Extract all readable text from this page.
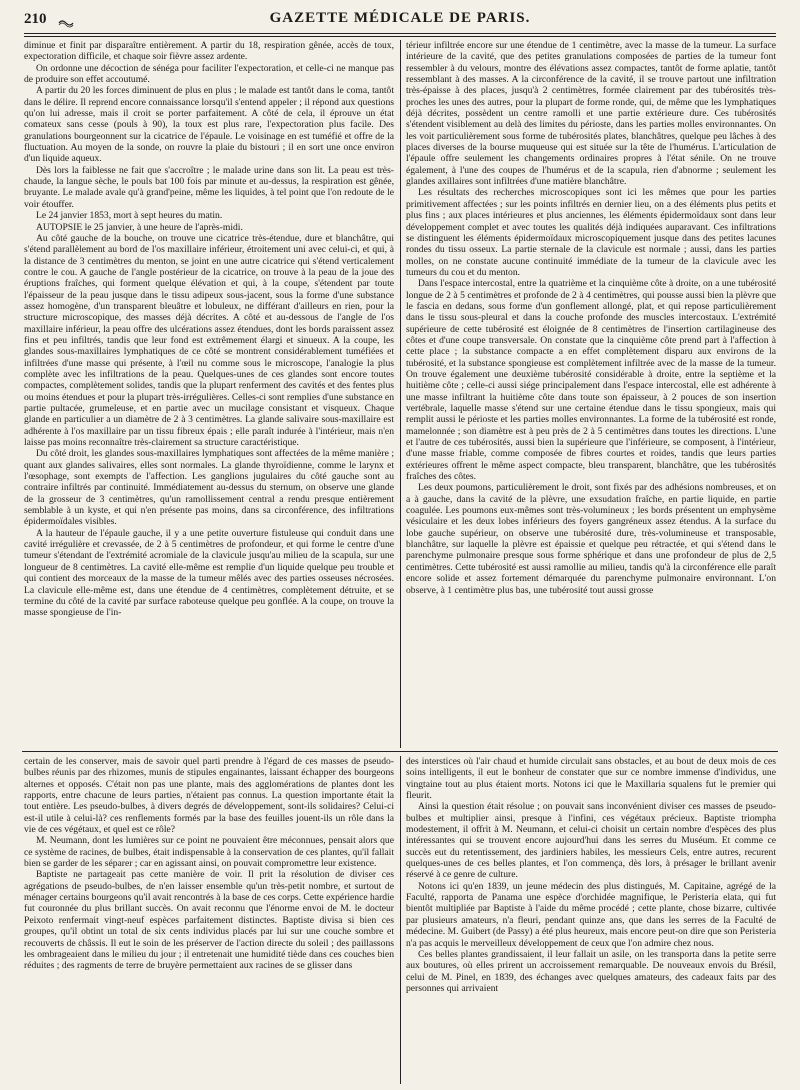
210	GAZETTE MÉDICALE DE PARIS.

diminue et finit par disparaître entièrement. A partir du 18, respiration gênée, accès de toux, expectoration difficile, et chaque soir fièvre assez ardente.

On ordonne une décoction de sénéga pour faciliter l'expectoration, et celle-ci ne manque pas de produire son effet accoutumé.

A partir du 20 les forces diminuent de plus en plus ; le malade est tantôt dans le coma, tantôt dans le délire. Il reprend encore connaissance lorsqu'il s'entend appeler ; il répond aux questions qu'on lui adresse, mais il croit se porter parfaitement. A côté de cela, il éprouve un état comateux sans cesse (pouls à 90), la toux est plus rare, l'expectoration plus facile. Des granulations bourgeonnent sur la cicatrice de l'épaule. Le voisinage en est tuméfié et offre de la fluctuation. Au moyen de la sonde, on rouvre la plaie du bistouri ; il en sort une once environ d'un liquide aqueux.

Dès lors la faiblesse ne fait que s'accroître ; le malade urine dans son lit. La peau est très-chaude, la langue sèche, le pouls bat 100 fois par minute et au-dessus, la respiration est gênée, bruyante. Le malade avale qu'à grand'peine, même les liquides, à tel point que l'on redoute de le voir étouffer.

Le 24 janvier 1853, mort à sept heures du matin.

AUTOPSIE le 25 janvier, à une heure de l'après-midi.

Au côté gauche de la bouche, on trouve une cicatrice très-étendue, dure et blanchâtre, qui s'étend parallèlement au bord de l'os maxillaire inférieur, étroitement uni avec celui-ci, et qui, à la distance de 3 centimètres du menton, se joint en une autre cicatrice qui s'étend verticalement contre le cou. A gauche de l'angle postérieur de la cicatrice, on trouve à la peau de la joue des éruptions fraîches, qui forment quelque élévation et qui, à la coupe, s'étendent par toute l'épaisseur de la peau jusque dans le tissu adipeux sous-jacent, sous la forme d'une substance assez homogène, d'un transparent bleuâtre et lobuleux, ne différant d'ailleurs en rien, pour la structure microscopique, des masses déjà décrites. A côté et au-dessous de l'angle de l'os maxillaire inférieur, la peau offre des ulcérations assez étendues, dont les bords paraissent assez fins et peu infiltrés, tandis que leur fond est extrêmement élargi et sinueux. A la coupe, les glandes sous-maxillaires lymphatiques de ce côté se montrent considérablement tuméfiées et infiltrées d'une masse qui présente, à l'œil nu comme sous le microscope, l'analogie la plus complète avec les infiltrations de la peau. Quelques-unes de ces glandes sont encore toutes compactes, complètement solides, tandis que la plupart renferment des cavités et des fentes plus ou moins étendues et pour la plupart très-irrégulières. Celles-ci sont remplies d'une substance en partie pultacée, grumeleuse, et en partie avec un mucilage consistant et visqueux. Chaque glande en particulier a un diamètre de 2 à 3 centimètres. La glande salivaire sous-maxillaire est adhérente à l'os maxillaire par un tissu fibreux épais ; elle paraît indurée à l'intérieur, mais n'en laisse pas moins reconnaître très-clairement sa structure caractéristique.

Du côté droit, les glandes sous-maxillaires lymphatiques sont affectées de la même manière ; quant aux glandes salivaires, elles sont normales. La glande thyroïdienne, comme le larynx et l'œsophage, sont exempts de l'affection. Les ganglions jugulaires du côté gauche sont au contraire infiltrés par continuité. Immédiatement au-dessus du sternum, on observe une glande de la grosseur de 3 centimètres, qu'un ramollissement central a rendu presque entièrement semblable à un kyste, et qui n'en présente pas moins, dans sa circonférence, des infiltrations épidermoïdales visibles.

A la hauteur de l'épaule gauche, il y a une petite ouverture fistuleuse qui conduit dans une cavité irrégulière et crevassée, de 2 à 5 centimètres de profondeur, et qui forme le centre d'une tumeur s'étendant de l'extrémité acromiale de la clavicule jusqu'au milieu de la scapula, sur une longueur de 8 centimètres. La cavité elle-même est remplie d'un liquide quelque peu trouble et qui contient des morceaux de la masse de la tumeur mêlés avec des parties osseuses nécrosées. La clavicule elle-même est, dans une étendue de 4 centimètres, complètement détruite, et se termine du côté de la cavité par surface raboteuse quelque peu gonflée. A la coupe, on trouve la masse spongieuse de l'in-

térieur infiltrée encore sur une étendue de 1 centimètre, avec la masse de la tumeur. La surface intérieure de la cavité, que des petites granulations composées de parties de la tumeur font ressembler à du velours, montre des élévations assez compactes, tantôt de forme aplatie, tantôt ressemblant à des masses. A la circonférence de la cavité, il se trouve partout une infiltration très-épaisse à des places, jusqu'à 2 centimètres, formée clairement par des tubérosités très-proches les unes des autres, pour la plupart de forme ronde, qui, de même que les lymphatiques déjà décrites, possèdent un centre ramolli et une partie extérieure dure. Ces tubérosités s'étendent visiblement au delà des limites du périoste, dans les parties molles environnantes. On les voit particulièrement sous forme de tubérosités plates, blanchâtres, quelque peu lâches à des places diverses de la bourse muqueuse qui est située sur la tête de l'humérus. L'articulation de l'épaule offre seulement les changements ordinaires propres à l'état sénile. On ne trouve également, à l'une des coupes de l'humérus et de la scapula, rien d'abnorme ; seulement les glandes axillaires sont infiltrées d'une matière blanchâtre.

Les résultats des recherches microscopiques sont ici les mêmes que pour les parties primitivement affectées ; sur les points infiltrés en dernier lieu, on a des éléments plus petits et plus fins ; aux places intérieures et plus anciennes, les éléments épidermoïdaux sont dans leur développement complet et avec toutes les qualités déjà indiquées auparavant. Ces infiltrations se distinguent les éléments épidermoïdaux microscopiquement jusque dans des petites lacunes rondes du tissu osseux. La partie sternale de la clavicule est normale ; aussi, dans les parties molles, on ne constate aucune continuité immédiate de la tumeur de la clavicule avec les tumeurs du cou et du menton.

Dans l'espace intercostal, entre la quatrième et la cinquième côte à droite, on a une tubérosité longue de 2 à 5 centimètres et profonde de 2 à 4 centimètres, qui pousse aussi bien la plèvre que le fascia en dedans, sous forme d'un gonflement allongé, plat, et qui repose particulièrement dans le tissu sous-pleural et dans la couche profonde des muscles intercostaux. L'extrémité supérieure de cette tubérosité est éloignée de 8 centimètres de l'insertion cartilagineuse des côtes et d'une coupe transversale. On constate que la cinquième côte prend part à l'affection à cette place ; la substance compacte a en effet complètement disparu aux environs de la tubérosité, et la substance spongieuse est complètement infiltrée avec de la masse de la tumeur. On trouve également une deuxième tubérosité considérable à droite, entre la septième et la huitième côte ; celle-ci aussi siége principalement dans l'espace intercostal, elle est adhérente à une masse infiltrant la huitième côte dans toute son épaisseur, à 2 pouces de son insertion vertébrale, laquelle masse s'étend sur une certaine étendue dans le tissu spongieux, mais qui remplit aussi le périoste et les parties molles environnantes. La forme de la tubérosité est ronde, mamelonnée ; son diamètre est à peu près de 2 à 5 centimètres dans toutes les directions. L'une et l'autre de ces tubérosités, aussi bien la supérieure que l'inférieure, se composent, à l'intérieur, d'une masse friable, comme composée de fibres courtes et roides, tandis que leurs parties extérieures offrent le même aspect compacte, bleu transparent, blanchâtre, que les tubérosités fraîches des côtes.

Les deux poumons, particulièrement le droit, sont fixés par des adhésions nombreuses, et on a à gauche, dans la cavité de la plèvre, une exsudation fraîche, en partie liquide, en partie coagulée. Les poumons eux-mêmes sont très-volumineux ; les bords présentent un emphysème vésiculaire et les deux lobes inférieurs des foyers gangréneux assez étendus. A la surface du lobe gauche supérieur, on observe une tubérosité dure, très-volumineuse et transposable, blanchâtre, sur laquelle la plèvre est épaissie et quelque peu rétractée, et qui s'étend dans le parenchyme pulmonaire presque sous forme sphérique et dans une profondeur de plus de 2,5 centimètres. Cette tubérosité est aussi ramollie au milieu, tandis qu'à la circonférence elle paraît encore solide et assez fortement démarquée du parenchyme pulmonaire environnant. L'on observe, à 1 centimètre plus bas, une tubérosité tout aussi grosse

certain de les conserver, mais de savoir quel parti prendre à l'égard de ces masses de pseudo-bulbes réunis par des rhizomes, munis de stipules engainantes, laissant échapper des bourgeons alternes et opposés. C'était non pas une plante, mais des agglomérations de plantes dont les rapports, entre chacune de leurs parties, n'étaient pas connus. La question importante était la tout entière. Les pseudo-bulbes, à divers degrés de développement, sont-ils solidaires? Celui-ci est-il utile à celui-là? ces renflements formés par la base des feuilles jouent-ils un rôle dans la vie de ces végétaux, et quel est ce rôle?

M. Neumann, dont les lumières sur ce point ne pouvaient être méconnues, pensait alors que ce système de racines, de bulbes, était indispensable à la conservation de ces plantes, qu'il fallait bien se garder de les séparer ; car en agissant ainsi, on pouvait compromettre leur existence.

Baptiste ne partageait pas cette manière de voir. Il prit la résolution de diviser ces agrégations de pseudo-bulbes, de n'en laisser ensemble qu'un très-petit nombre, et surtout de ménager certains bourgeons qu'il avait rencontrés à la base de ces corps. Cette expérience hardie fut couronnée du plus brillant succès. On avait reconnu que l'énorme envoi de M. le docteur Peixoto renfermait vingt-neuf espèces parfaitement distinctes. Baptiste divisa si bien ces groupes, qu'il obtint un total de six cents individus placés par lui sur une couche sombre et recouverts de châssis. Il eut le soin de les préserver de l'action directe du soleil ; des paillassons les ombrageaient dans le milieu du jour ; il entretenait une humidité tiède dans ces couches bien réduites ; des ragments de terre de bruyère permettaient aux racines de se glisser dans

des interstices où l'air chaud et humide circulait sans obstacles, et au bout de deux mois de ces soins intelligents, il eut le bonheur de constater que sur ce nombre immense d'individus, une vingtaine tout au plus étaient morts. Notons ici que le Maxillaria squalens fut le premier qui fleurit.

Ainsi la question était résolue ; on pouvait sans inconvénient diviser ces masses de pseudo-bulbes et multiplier ainsi, presque à l'infini, ces végétaux précieux. Baptiste triompha modestement, il offrit à M. Neumann, et celui-ci choisit un certain nombre d'espèces des plus intéressantes qui se trouvent encore aujourd'hui dans les serres du Muséum. Et comme ce succès eut du retentissement, des jardiniers habiles, les messieurs Cels, entre autres, recurent quelques-unes de ces belles plantes, et l'on commença, dès lors, à présager le brillant avenir réservé à ce genre de culture.

Notons ici qu'en 1839, un jeune médecin des plus distingués, M. Capitaine, agrégé de la Faculté, rapporta de Panama une espèce d'orchidée magnifique, le Peristeria elata, qui fut bientôt multipliée par Baptiste à l'aide du même procédé ; cette plante, chose bizarre, cultivée par plusieurs amateurs, n'a fleuri, pendant quinze ans, que dans les serres de la Faculté de médecine. M. Guibert (de Passy) a été plus heureux, mais encore peut-on dire que son Peristeria n'a pas acquis le merveilleux développement de ceux que l'on admire chez nous.

Ces belles plantes grandissaient, il leur fallait un asile, on les transporta dans la petite serre aux boutures, où elles prirent un accroissement remarquable. De nouveaux envois du Brésil, celui de M. Pinel, en 1839, des échanges avec quelques amateurs, des cadeaux faits par des personnes qui arrivaient
